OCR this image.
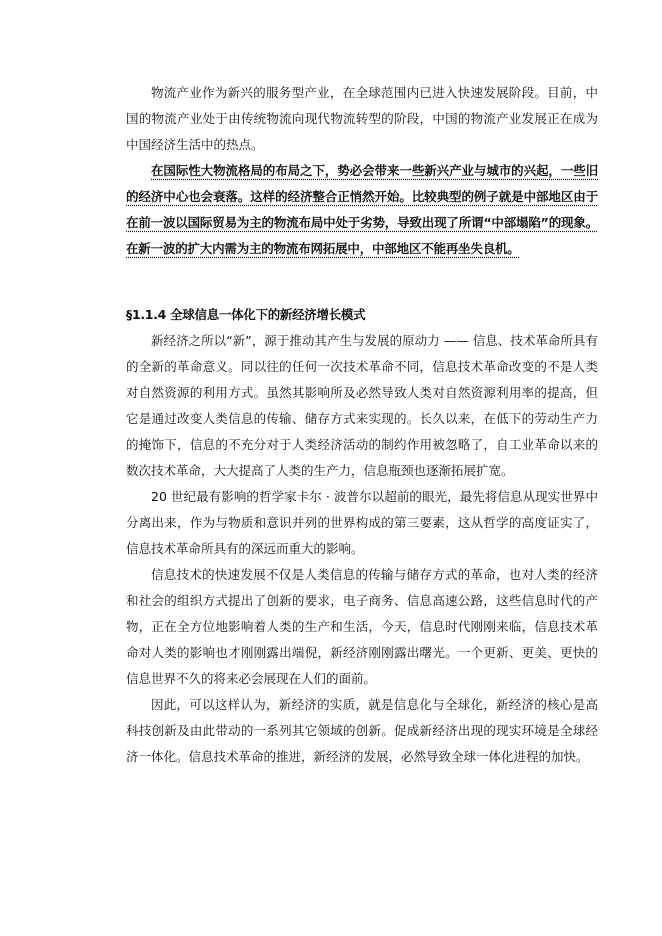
物流产业作为新兴的服务型产业，在全球范围内已进入快速发展阶段。目前，中国的物流产业处于由传统物流向现代物流转型的阶段，中国的物流产业发展正在成为中国经济生活中的热点。

在国际性大物流格局的布局之下，势必会带来一些新兴产业与城市的兴起，一些旧的经济中心也会衰落。这样的经济整合正悄然开始。比较典型的例子就是中部地区由于在前一波以国际贸易为主的物流布局中处于劣势，导致出现了所谓“中部塌陷”的现象。在新一波的扩大内需为主的物流布网拓展中，中部地区不能再坐失良机。

§1.1.4 全球信息一体化下的新经济增长模式

新经济之所以“新”，源于推动其产生与发展的原动力 —— 信息、技术革命所具有的全新的革命意义。同以往的任何一次技术革命不同，信息技术革命改变的不是人类对自然资源的利用方式。虽然其影响所及必然导致人类对自然资源利用率的提高，但它是通过改变人类信息的传输、储存方式来实现的。长久以来，在低下的劳动生产力的掩饰下，信息的不充分对于人类经济活动的制约作用被忽略了，自工业革命以来的数次技术革命，大大提高了人类的生产力，信息瓶颈也逐渐拓展扩宽。

20 世纪最有影响的哲学家卡尔 · 波普尔以超前的眼光，最先将信息从现实世界中分离出来，作为与物质和意识并列的世界构成的第三要素，这从哲学的高度证实了，信息技术革命所具有的深远而重大的影响。

信息技术的快速发展不仅是人类信息的传输与储存方式的革命，也对人类的经济和社会的组织方式提出了创新的要求，电子商务、信息高速公路，这些信息时代的产物，正在全方位地影响着人类的生产和生活，今天，信息时代刚刚来临，信息技术革命对人类的影响也才刚刚露出端倪，新经济刚刚露出曙光。一个更新、更美、更快的信息世界不久的将来必会展现在人们的面前。

因此，可以这样认为，新经济的实质，就是信息化与全球化，新经济的核心是高科技创新及由此带动的一系列其它领域的创新。促成新经济出现的现实环境是全球经济一体化。信息技术革命的推进，新经济的发展，必然导致全球一体化进程的加快。
